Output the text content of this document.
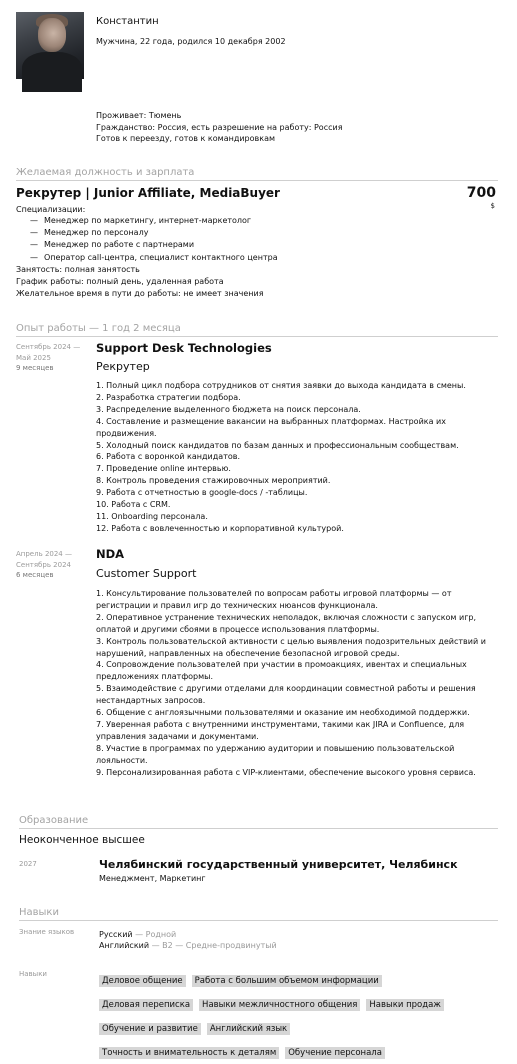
Константин
Мужчина, 22 года, родился 10 декабря 2002
Проживает: Тюмень
Гражданство: Россия, есть разрешение на работу: Россия
Готов к переезду, готов к командировкам
Желаемая должность и зарплата
Рекрутер | Junior Affiliate, MediaBuyer	700
$
Специализации:
— Менеджер по маркетингу, интернет-маркетолог
— Менеджер по персоналу
— Менеджер по работе с партнерами
— Оператор call-центра, специалист контактного центра
Занятость: полная занятость
График работы: полный день, удаленная работа
Желательное время в пути до работы: не имеет значения
Опыт работы — 1 год 2 месяца
Сентябрь 2024 —
Май 2025
9 месяцев
Support Desk Technologies
Рекрутер
1. Полный цикл подбора сотрудников от снятия заявки до выхода кандидата в смены.
2. Разработка стратегии подбора.
3. Распределение выделенного бюджета на поиск персонала.
4. Составление и размещение вакансии на выбранных платформах. Настройка их продвижения.
5. Холодный поиск кандидатов по базам данных и профессиональным сообществам.
6. Работа с воронкой кандидатов.
7. Проведение online интервью.
8. Контроль проведения стажировочных мероприятий.
9. Работа с отчетностью в google-docs / -таблицы.
10. Работа с CRM.
11. Onboarding персонала.
12. Работа с вовлеченностью и корпоративной культурой.
Апрель 2024 —
Сентябрь 2024
6 месяцев
NDA
Customer Support
1. Консультирование пользователей по вопросам работы игровой платформы — от регистрации и правил игр до технических нюансов функционала.
2. Оперативное устранение технических неполадок, включая сложности с запуском игр, оплатой и другими сбоями в процессе использования платформы.
3. Контроль пользовательской активности с целью выявления подозрительных действий и нарушений, направленных на обеспечение безопасной игровой среды.
4. Сопровождение пользователей при участии в промоакциях, ивентах и специальных предложениях платформы.
5. Взаимодействие с другими отделами для координации совместной работы и решения нестандартных запросов.
6. Общение с англоязычными пользователями и оказание им необходимой поддержки.
7. Уверенная работа с внутренними инструментами, такими как JIRA и Confluence, для управления задачами и документами.
8. Участие в программах по удержанию аудитории и повышению пользовательской лояльности.
9. Персонализированная работа с VIP-клиентами, обеспечение высокого уровня сервиса.
Образование
Неоконченное высшее
2027	Челябинский государственный университет, Челябинск
Менеджмент, Маркетинг
Навыки
Знание языков	Русский — Родной
Английский — B2 — Средне-продвинутый
Навыки
Деловое общение Работа с большим объемом информации
Деловая переписка Навыки межличностного общения Навыки продаж
Обучение и развитие Английский язык
Точность и внимательность к деталям Обучение персонала
